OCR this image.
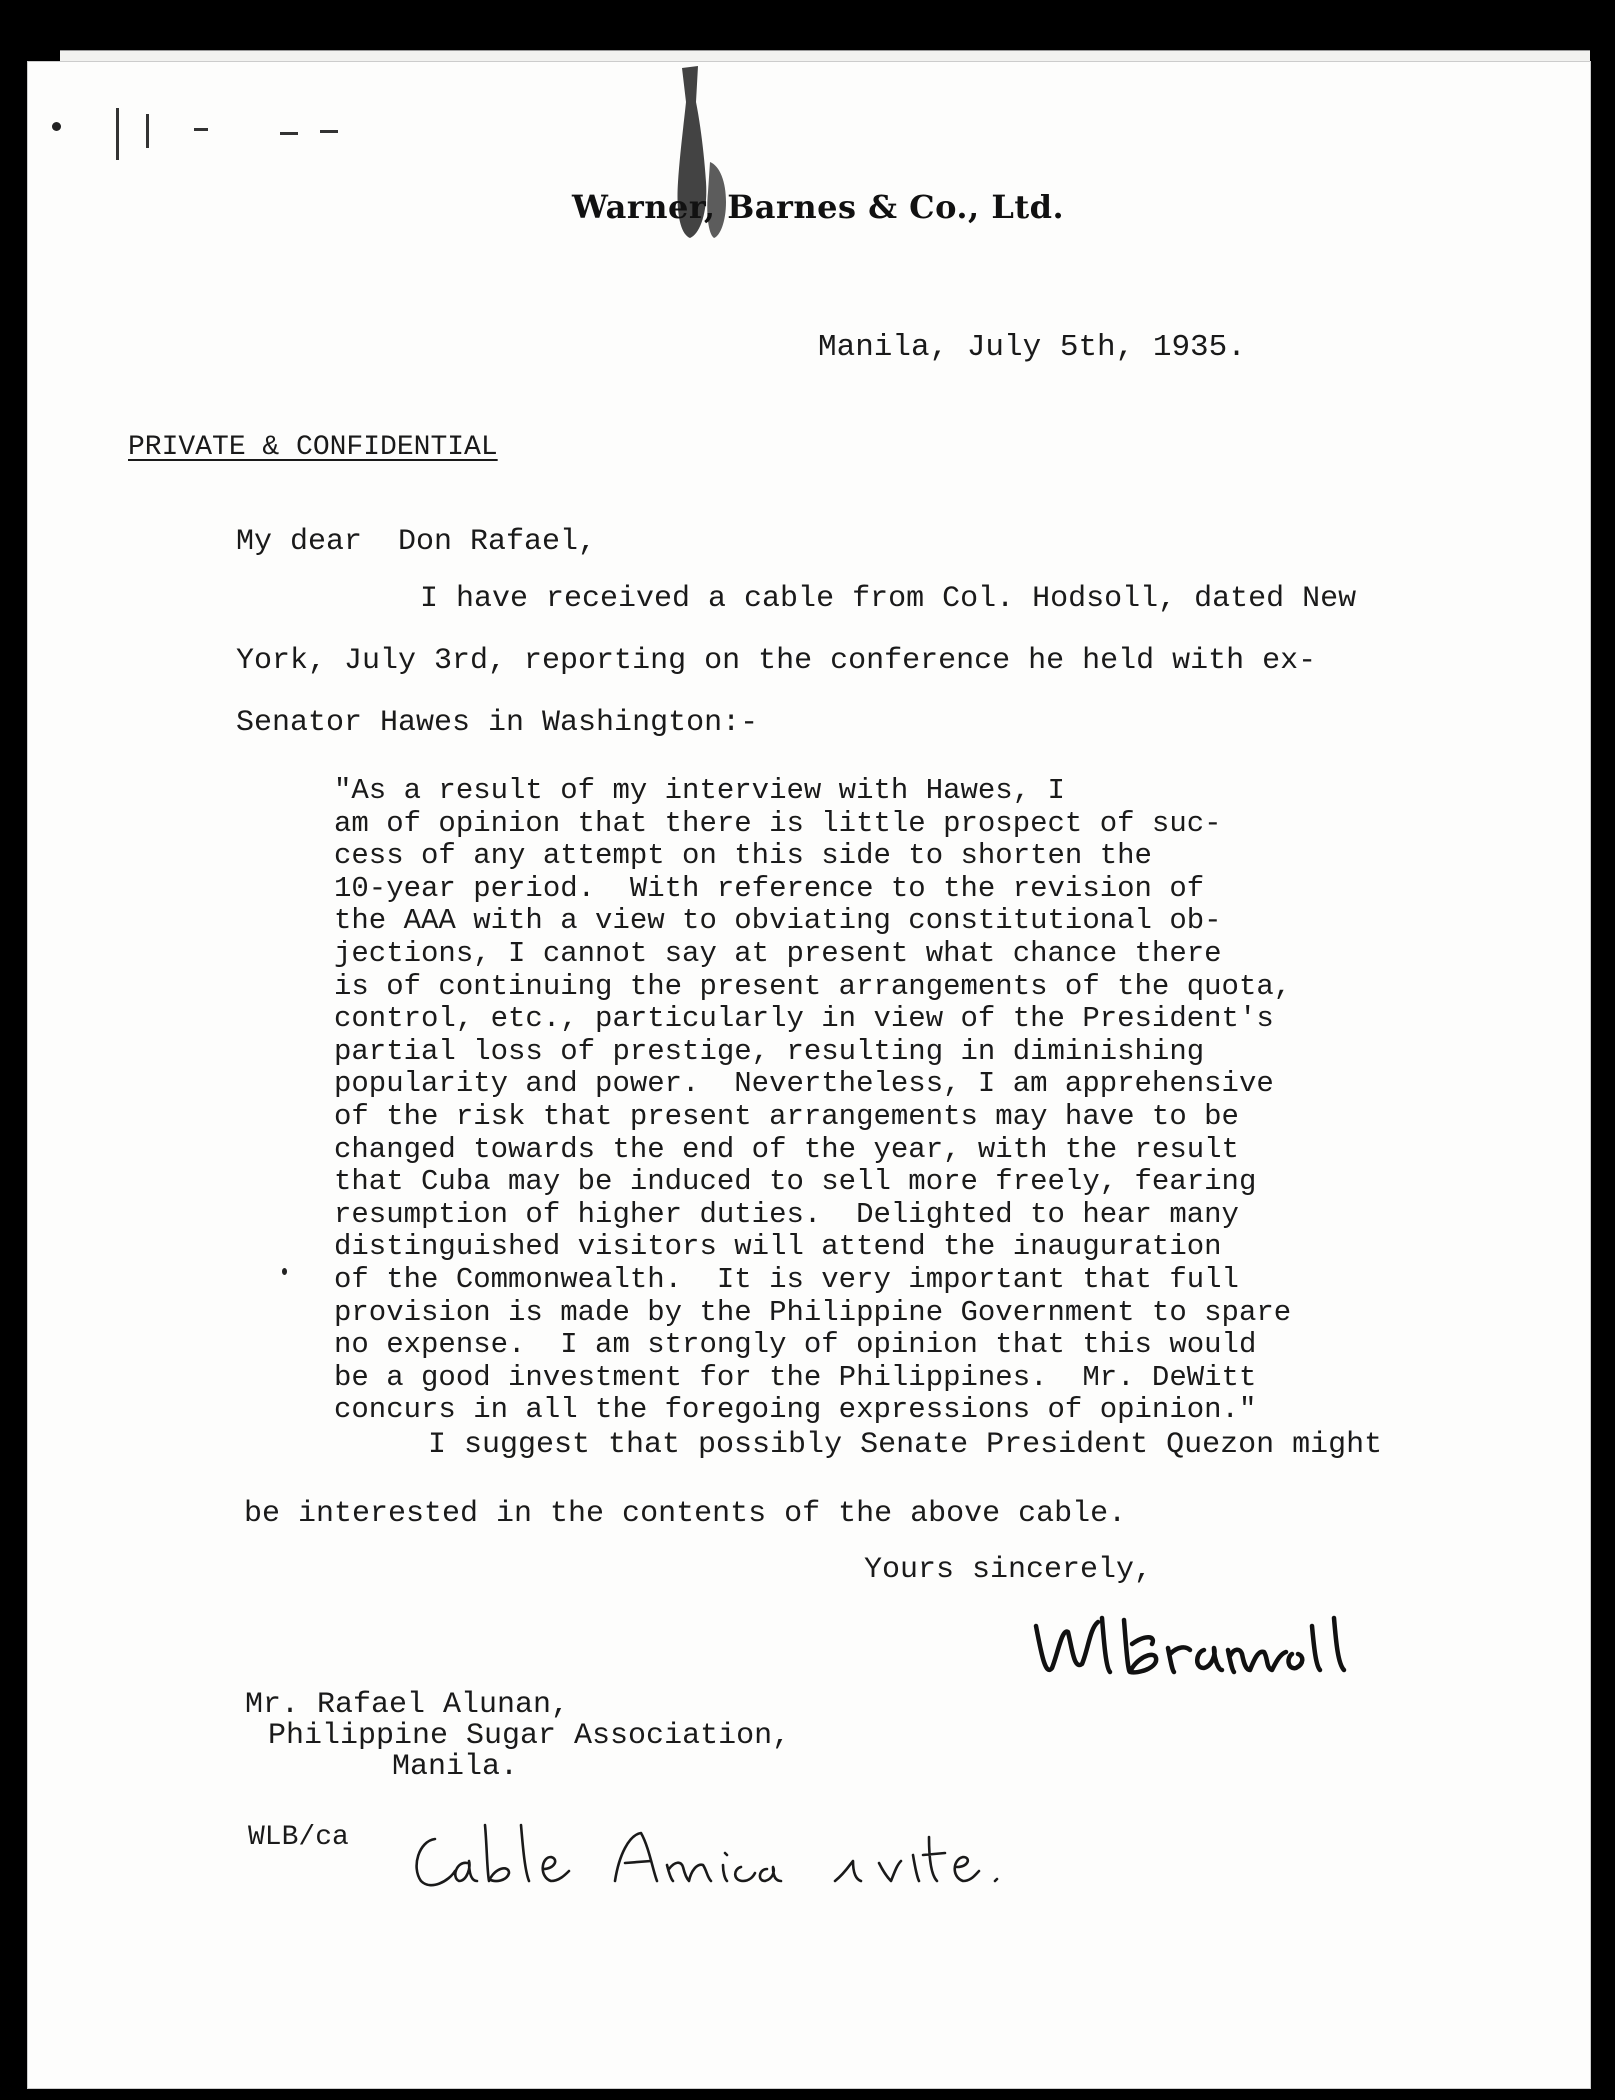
Warner, Barnes & Co., Ltd.
Manila, July 5th, 1935.
PRIVATE & CONFIDENTIAL
My dear  Don Rafael,
I have received a cable from Col. Hodsoll, dated New
York, July 3rd, reporting on the conference he held with ex-
Senator Hawes in Washington:-
"As a result of my interview with Hawes, I
am of opinion that there is little prospect of suc-
cess of any attempt on this side to shorten the
10-year period.  With reference to the revision of
the AAA with a view to obviating constitutional ob-
jections, I cannot say at present what chance there
is of continuing the present arrangements of the quota,
control, etc., particularly in view of the President's
partial loss of prestige, resulting in diminishing
popularity and power.  Nevertheless, I am apprehensive
of the risk that present arrangements may have to be
changed towards the end of the year, with the result
that Cuba may be induced to sell more freely, fearing
resumption of higher duties.  Delighted to hear many
distinguished visitors will attend the inauguration
of the Commonwealth.  It is very important that full
provision is made by the Philippine Government to spare
no expense.  I am strongly of opinion that this would
be a good investment for the Philippines.  Mr. DeWitt
concurs in all the foregoing expressions of opinion."
I suggest that possibly Senate President Quezon might
be interested in the contents of the above cable.
Yours sincerely,
Mr. Rafael Alunan,
Philippine Sugar Association,
Manila.
WLB/ca
